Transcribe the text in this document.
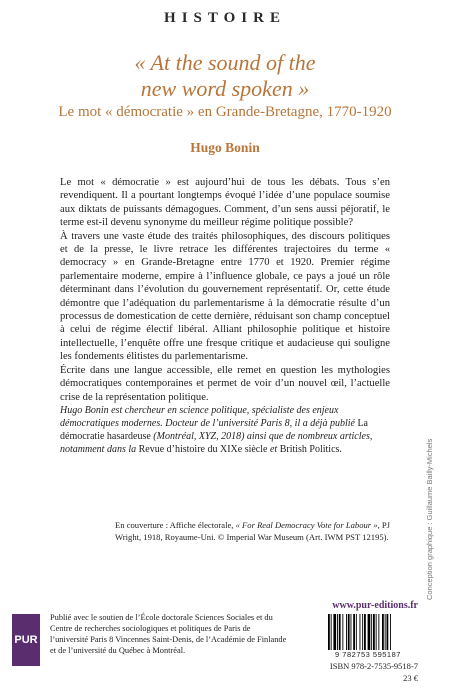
HISTOIRE
« At the sound of the
new word spoken »
Le mot « démocratie » en Grande-Bretagne, 1770-1920
Hugo Bonin

Le mot « démocratie » est aujourd’hui de tous les débats. Tous s’en revendiquent. Il a pourtant longtemps évoqué l’idée d’une populace soumise aux diktats de puissants démagogues. Comment, d’un sens aussi péjoratif, le terme est-il devenu synonyme du meilleur régime politique possible?

À travers une vaste étude des traités philosophiques, des discours politiques et de la presse, le livre retrace les différentes trajectoires du terme « democracy » en Grande-Bretagne entre 1770 et 1920. Premier régime parlementaire moderne, empire à l’influence globale, ce pays a joué un rôle déterminant dans l’évolution du gouvernement représentatif. Or, cette étude démontre que l’adéquation du parlementarisme à la démocratie résulte d’un processus de domestication de cette dernière, réduisant son champ conceptuel à celui de régime électif libéral. Alliant philosophie politique et histoire intellectuelle, l’enquête offre une fresque critique et audacieuse qui souligne les fondements élitistes du parlementarisme.

Écrite dans une langue accessible, elle remet en question les mythologies démocratiques contemporaines et permet de voir d’un nouvel œil, l’actuelle crise de la représentation politique.

Hugo Bonin est chercheur en science politique, spécialiste des enjeux démocratiques modernes. Docteur de l’université Paris 8, il a déjà publié La démocratie hasardeuse (Montréal, XYZ, 2018) ainsi que de nombreux articles, notamment dans la Revue d’histoire du XIXe siècle et British Politics.

En couverture : Affiche électorale, « For Real Democracy Vote for Labour », PJ Wright, 1918, Royaume-Uni. © Imperial War Museum (Art. IWM PST 12195).	Conception graphique : Guillaume Bailly-Michels
PUR

Publié avec le soutien de l’École doctorale Sciences Sociales et du Centre de recherches sociologiques et politiques de Paris de l’université Paris 8 Vincennes Saint-Denis, de l’Académie de Finlande et de l’université du Québec à Montréal.

www.pur-editions.fr
9 782753 595187
ISBN 978-2-7535-9518-7
23 €
